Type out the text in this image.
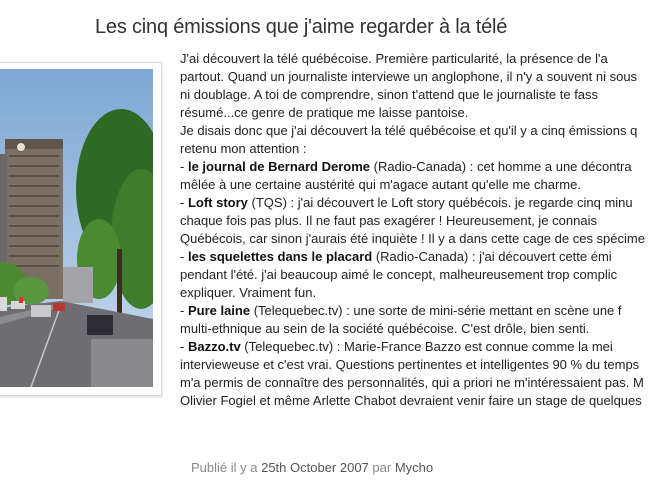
Les cinq émissions que j'aime regarder à la télé

J'ai découvert la télé québécoise. Première particularité, la présence de l'a

partout. Quand un journaliste interviewe un anglophone, il n'y a souvent ni sous

ni doublage. A toi de comprendre, sinon t'attend que le journaliste te fass

résumé...ce genre de pratique me laisse pantoise.

Je disais donc que j'ai découvert la télé québécoise et qu'il y a cinq émissions q

retenu mon attention :

- le journal de Bernard Derome (Radio-Canada) : cet homme a une décontra

mêlée à une certaine austérité qui m'agace autant qu'elle me charme.

- Loft story (TQS) : j'ai découvert le Loft story québécois. je regarde cinq minu

chaque fois pas plus. Il ne faut pas exagérer ! Heureusement, je connais

Québécois, car sinon j'aurais été inquiète ! Il y a dans cette cage de ces spécime

- les squelettes dans le placard (Radio-Canada) : j'ai découvert cette émi

pendant l'été. j'ai beaucoup aimé le concept, malheureusement trop complic

expliquer. Vraiment fun.

- Pure laine (Telequebec.tv) : une sorte de mini-série mettant en scène une f

multi-ethnique au sein de la société québécoise. C'est drôle, bien senti.

- Bazzo.tv (Telequebec.tv) : Marie-France Bazzo est connue comme la mei

intervieweuse et c'est vrai. Questions pertinentes et intelligentes 90 % du temps

m'a permis de connaître des personnalités, qui a priori ne m'intéressaient pas. M

Olivier Fogiel et même Arlette Chabot devraient venir faire un stage de quelques

Publié il y a 25th October 2007 par Mycho
